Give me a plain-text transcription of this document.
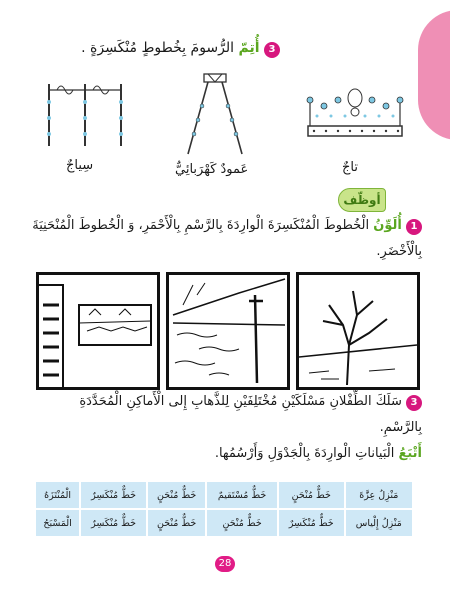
3 أُتِمّ الرُّسومَ بِخُطوطٍ مُنْكَسِرَةٍ .
تاجٌ
عَمودٌ كَهْرَبائِيٌّ
سِياجٌ
أوظّف
1 أُلَوِّنُ الْخُطوطَ الْمُنْكَسِرَةَ الْوارِدَةَ بِالرَّسْمِ بِالْأَحْمَرِ، وَ الْخُطوطَ الْمُنْحَنِيَةَ
بِالْأَخْضَرِ.
3 سَلَكَ الطِّفْلانِ مَسْلَكَيْنِ مُخْتَلِفَيْنِ لِلذَّهابِ إِلى الْأَماكِنِ الْمُحَدَّدَةِ
بِالرَّسْمِ.
أَتْبَعُ الْبَياناتِ الْوارِدَةَ بِالْجَدْوَلِ وَأَرْسُمُها.
مَنْزِلُ عِزَّةَ	خَطٌّ مُنْحَنٍ	خَطٌّ مُسْتَقيمٌ	خَطٌّ مُنْحَنٍ	خَطٌّ مُنْكَسِرٌ	الْمُنْتَزَهُ
مَنْزِلُ إِلْياس	خَطٌّ مُنْكَسِرٌ	خَطٌّ مُنْحَنٍ	خَطٌّ مُنْحَنٍ	خَطٌّ مُنْكَسِرٌ	الْمَسْبَحُ
28
